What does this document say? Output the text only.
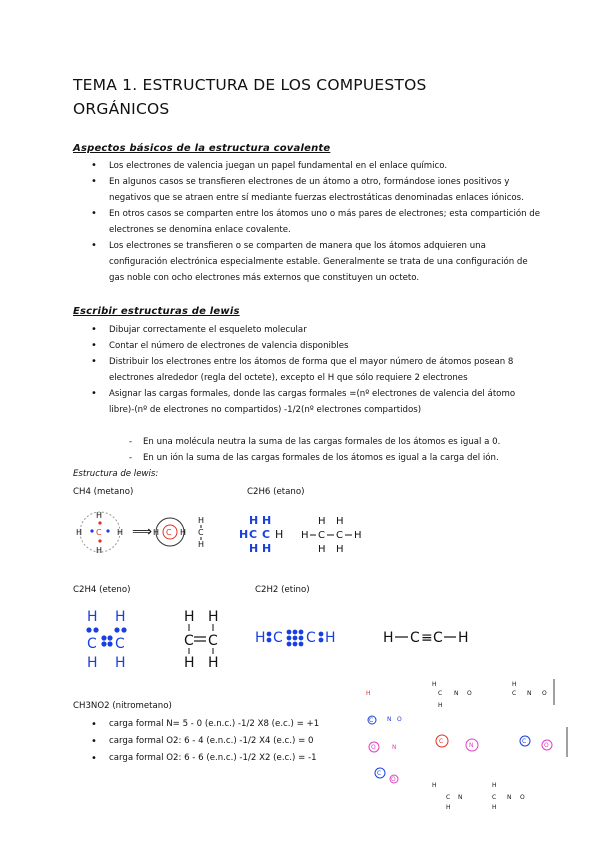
TEMA 1. ESTRUCTURA DE LOS COMPUESTOS ORGÁNICOS
Aspectos básicos de la estructura covalente
• Los electrones de valencia juegan un papel fundamental en el enlace químico.
• En algunos casos se transfieren electrones de un átomo a otro, formándose iones positivos y negativos que se atraen entre sí mediante fuerzas electrostáticas denominadas enlaces iónicos.
• En otros casos se comparten entre los átomos uno o más pares de electrones; esta compartición de electrones se denomina enlace covalente.
• Los electrones se transfieren o se comparten de manera que los átomos adquieren una configuración electrónica especialmente estable. Generalmente se trata de una configuración de gas noble con ocho electrones más externos que constituyen un octeto.
Escribir estructuras de lewis
• Dibujar correctamente el esqueleto molecular
• Contar el número de electrones de valencia disponibles
• Distribuir los electrones entre los átomos de forma que el mayor número de átomos posean 8 electrones alrededor (regla del octete), excepto el H que sólo requiere 2 electrones
• Asignar las cargas formales, donde las cargas formales =(nº electrones de valencia del átomo libre)-(nº de electrones no compartidos) -1/2(nº electrones compartidos)
- En una molécula neutra la suma de las cargas formales de los átomos es igual a 0.
- En un ión la suma de las cargas formales de los átomos es igual a la carga del ión.
Estructura de lewis:
CH4 (metano)	C2H6 (etano)
C
H
H
H	H ⟹ C
H	H
H
C
H
H H
H C C H
H H
H H
H C C H
H H
C2H4 (eteno)	C2H2 (etino)
H H
C C
H H
H H
C C
H H
H C C H	H C ≡ C H
CH3NO2 (nitrometano)
• carga formal N= 5 - 0 (e.n.c.) -1/2 X8 (e.c.) = +1
• carga formal O2: 6 - 4 (e.n.c.) -1/2 X4 (e.c.) = 0
• carga formal O2: 6 - 6 (e.n.c.) -1/2 X2 (e.c.) = -1
H
H
C N O
H
H
C N O
C N O
O	N
C
N
C
O
C
O
H
C N
H
H
C N O
H
